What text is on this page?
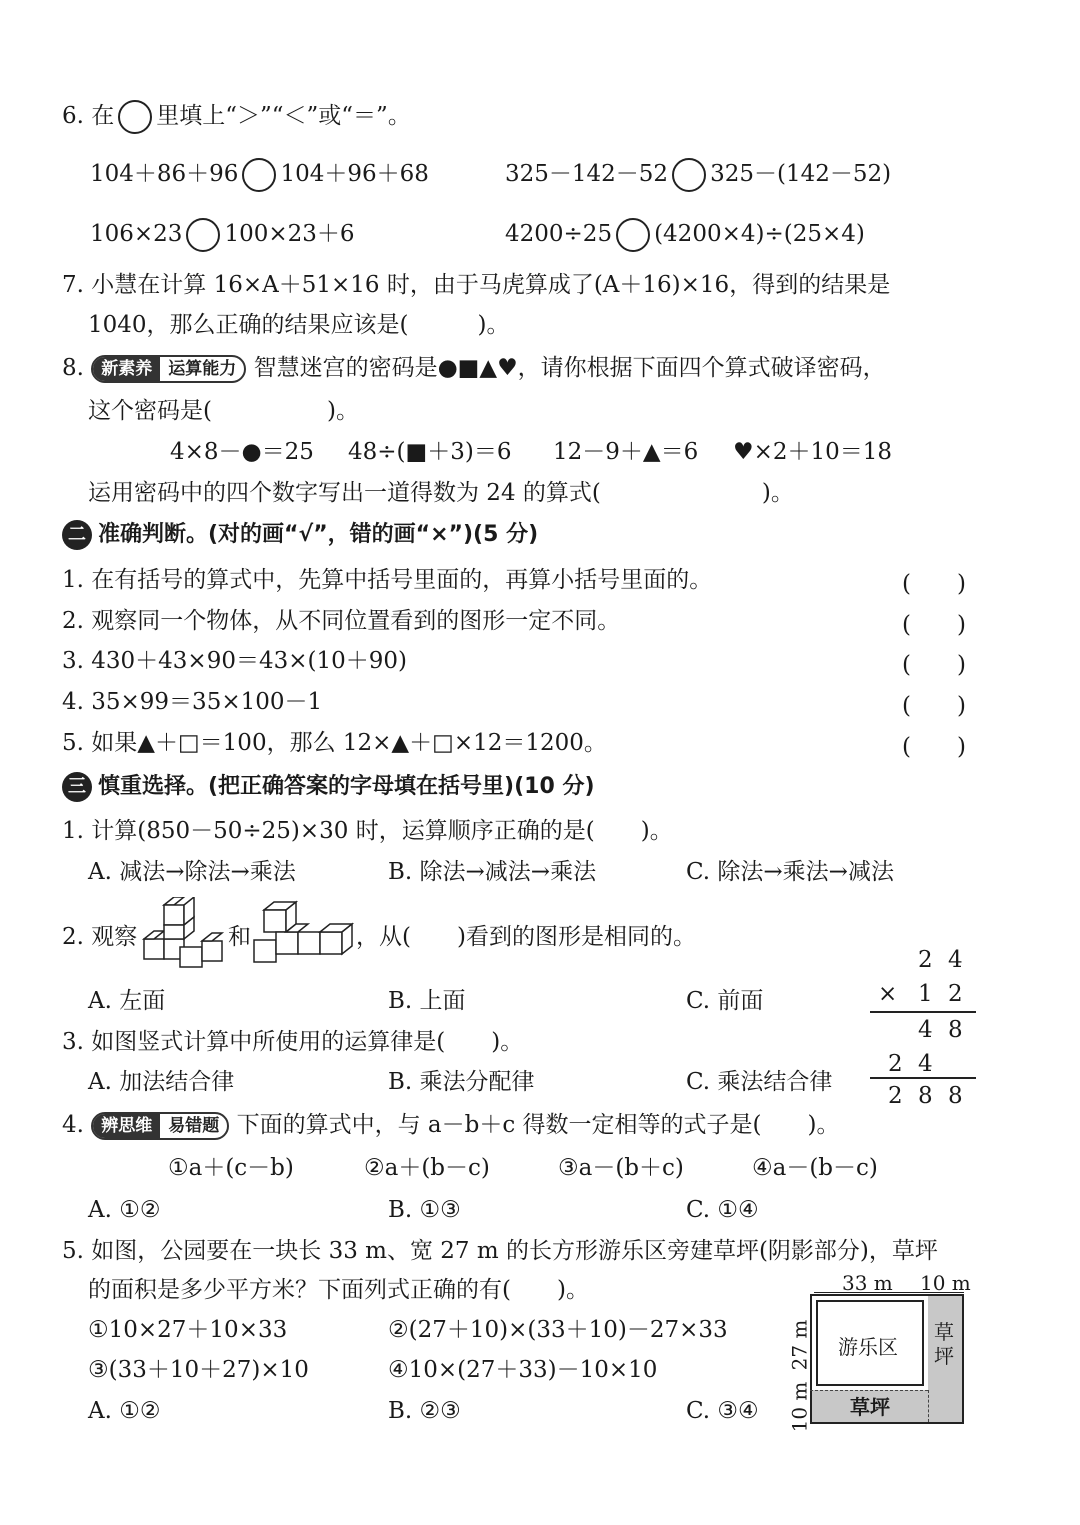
6. 在 里填上“＞”“＜”或“＝”。
104＋86＋96 104＋96＋68	325－142－52 325－(142－52)
106×23 100×23＋6	4200÷25 (4200×4)÷(25×4)
7. 小慧在计算 16×A＋51×16 时，由于马虎算成了(A＋16)×16，得到的结果是
1040，那么正确的结果应该是(　　　)。
8. 新素养 运算能力 智慧迷宫的密码是●■▲♥，请你根据下面四个算式破译密码，
这个密码是(　　　　　)。
4×8－●＝25 48÷(■＋3)＝6 12－9＋▲＝6 ♥×2＋10＝18
运用密码中的四个数字写出一道得数为 24 的算式(　　　　　　　)。
二 准确判断。(对的画“√”，错的画“×”)(5 分)
1. 在有括号的算式中，先算中括号里面的，再算小括号里面的。	(　　)
2. 观察同一个物体，从不同位置看到的图形一定不同。	(　　)
3. 430＋43×90＝43×(10＋90)	(　　)
4. 35×99＝35×100－1	(　　)
5. 如果▲＋□＝100，那么 12×▲＋□×12＝1200。	(　　)
三 慎重选择。(把正确答案的字母填在括号里)(10 分)
1. 计算(850－50÷25)×30 时，运算顺序正确的是(　　)。
A. 减法→除法→乘法	B. 除法→减法→乘法	C. 除法→乘法→减法
2. 观察	和	，从(　　)看到的图形是相同的。
A. 左面	B. 上面	C. 前面
2 4
× 1 2
4 8
2 4
2 8 8
3. 如图竖式计算中所使用的运算律是(　　)。
A. 加法结合律	B. 乘法分配律	C. 乘法结合律
4. 辨思维 易错题 下面的算式中，与 a－b＋c 得数一定相等的式子是(　　)。
①a＋(c－b)	②a＋(b－c)	③a－(b＋c)	④a－(b－c)
A. ①②	B. ①③	C. ①④
5. 如图，公园要在一块长 33 m、宽 27 m 的长方形游乐区旁建草坪(阴影部分)，草坪
的面积是多少平方米？下面列式正确的有(　　)。
①10×27＋10×33	②(27＋10)×(33＋10)－27×33
③(33＋10＋27)×10	④10×(27＋33)－10×10
A. ①②	B. ②③	C. ③④
33 m 10 m
游乐区
草坪
草坪
27 m
10 m
